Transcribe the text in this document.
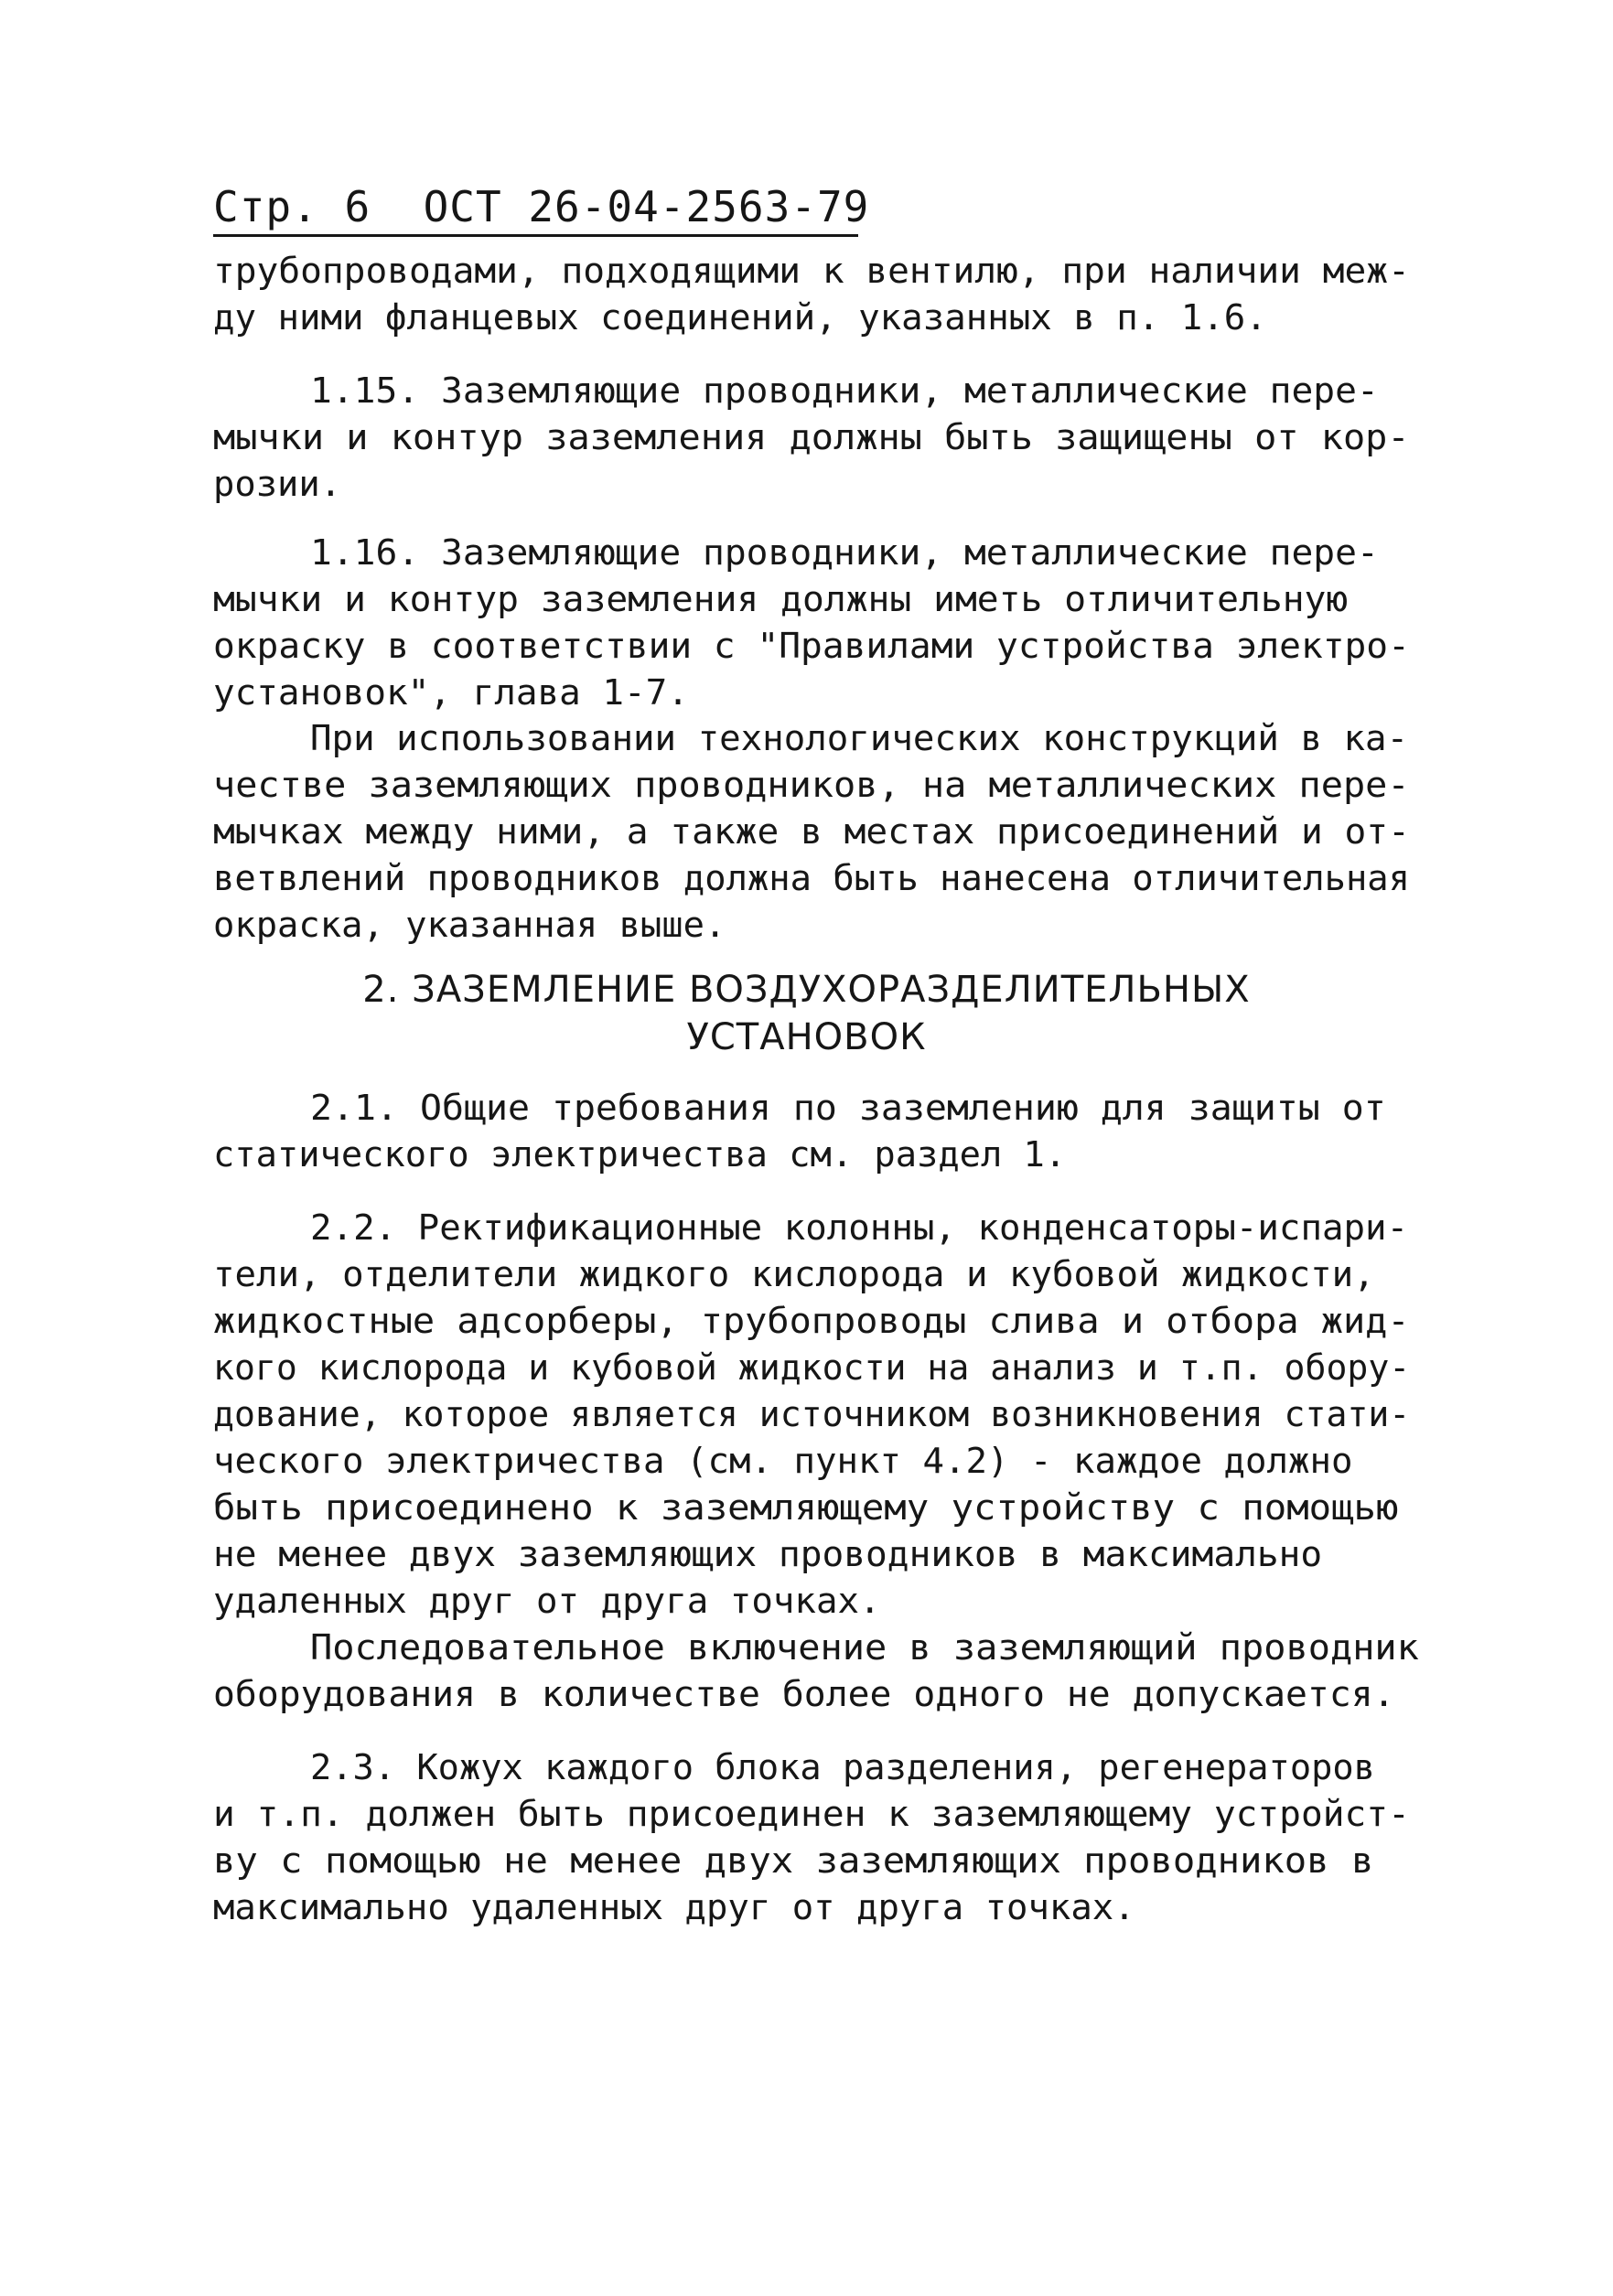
Стр. 6 ОСТ 26-04-2563-79
трубопроводами, подходящими к вентилю, при наличии меж-
ду ними фланцевых соединений, указанных в п. 1.6.
1.15. Заземляющие проводники, металлические пере-
мычки и контур заземления должны быть защищены от кор-
розии.
1.16. Заземляющие проводники, металлические пере-
мычки и контур заземления должны иметь отличительную
окраску в соответствии с "Правилами устройства электро-
установок", глава 1-7.
При использовании технологических конструкций в ка-
честве заземляющих проводников, на металлических пере-
мычках между ними, а также в местах присоединений и от-
ветвлений проводников должна быть нанесена отличительная
окраска, указанная выше.
2. ЗАЗЕМЛЕНИЕ ВОЗДУХОРАЗДЕЛИТЕЛЬНЫХ
УСТАНОВОК
2.1. Общие требования по заземлению для защиты от
статического электричества см. раздел 1.
2.2. Ректификационные колонны, конденсаторы-испари-
тели, отделители жидкого кислорода и кубовой жидкости,
жидкостные адсорберы, трубопроводы слива и отбора жид-
кого кислорода и кубовой жидкости на анализ и т.п. обору-
дование, которое является источником возникновения стати-
ческого электричества (см. пункт 4.2) - каждое должно
быть присоединено к заземляющему устройству с помощью
не менее двух заземляющих проводников в максимально
удаленных друг от друга точках.
Последовательное включение в заземляющий проводник
оборудования в количестве более одного не допускается.
2.3. Кожух каждого блока разделения, регенераторов
и т.п. должен быть присоединен к заземляющему устройст-
ву с помощью не менее двух заземляющих проводников в
максимально удаленных друг от друга точках.
